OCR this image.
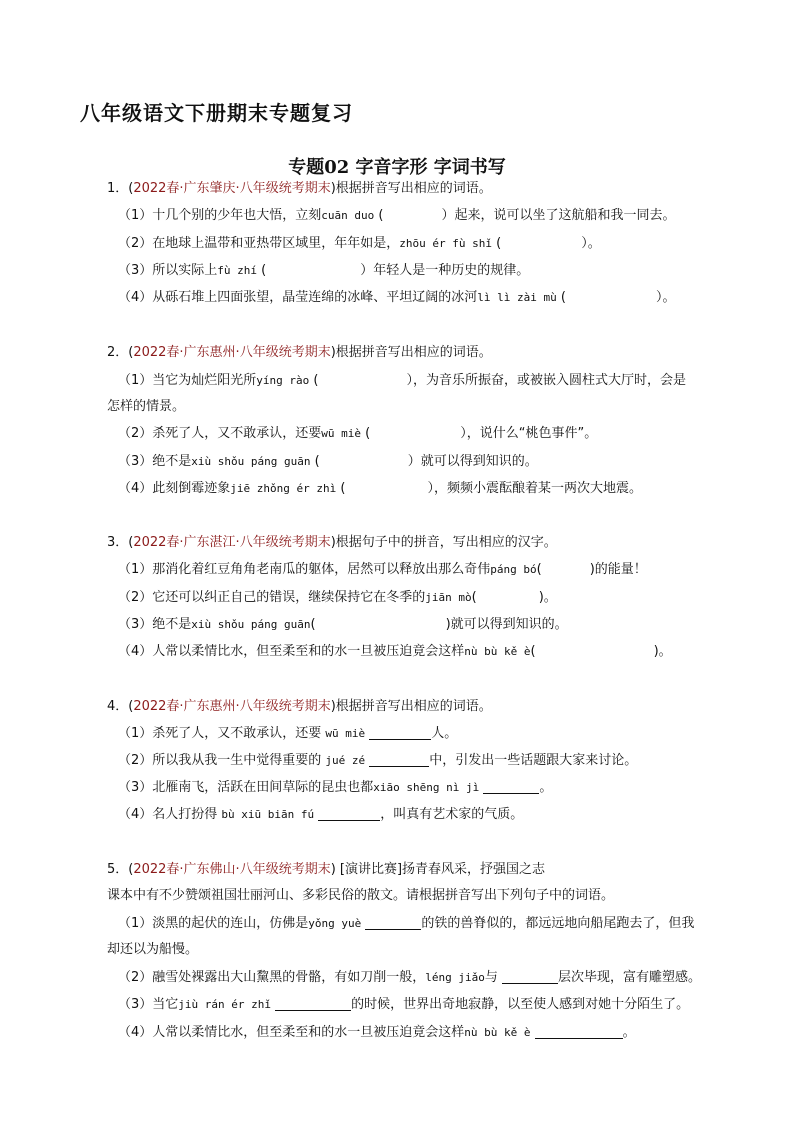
八年级语文下册期末专题复习
专题02 字音字形 字词书写
1．(2022春·广东肇庆·八年级统考期末)根据拼音写出相应的词语。
（1）十几个别的少年也大悟，立刻cuān duo (	）起来，说可以坐了这航船和我一同去。
（2）在地球上温带和亚热带区域里，年年如是，zhōu ér fù shǐ (	）。
（3）所以实际上fù zhí (	）年轻人是一种历史的规律。
（4）从砾石堆上四面张望，晶莹连绵的冰峰、平坦辽阔的冰河lì lì zài mù (	）。
2．(2022春·广东惠州·八年级统考期末)根据拼音写出相应的词语。
（1）当它为灿烂阳光所yíng rào (	），为音乐所振奋，或被嵌入圆柱式大厅时，会是
怎样的情景。
（2）杀死了人，又不敢承认，还要wū miè (	），说什么“桃色事件”。
（3）绝不是xiù shǒu páng guān (	）就可以得到知识的。
（4）此刻倒霉迹象jiē zhǒng ér zhì (	），频频小震酝酿着某一两次大地震。
3．(2022春·广东湛江·八年级统考期末)根据句子中的拼音，写出相应的汉字。
（1）那消化着红豆角角老南瓜的躯体，居然可以释放出那么奇伟páng bó(	)的能量！
（2）它还可以纠正自己的错误，继续保持它在冬季的jiān mò(	)。
（3）绝不是xiù shǒu páng guān(	)就可以得到知识的。
（4）人常以柔情比水，但至柔至和的水一旦被压迫竟会这样nù bù kě è(	)。
4．(2022春·广东惠州·八年级统考期末)根据拼音写出相应的词语。
（1）杀死了人，又不敢承认，还要 wū miè	人。
（2）所以我从我一生中觉得重要的 jué zé	中，引发出一些话题跟大家来讨论。
（3）北雁南飞，活跃在田间草际的昆虫也都xiāo shēng nì jì	。
（4）名人打扮得 bù xiū biān fú	，叫真有艺术家的气质。
5．(2022春·广东佛山·八年级统考期末) [演讲比赛]扬青春风采，抒强国之志
课本中有不少赞颂祖国壮丽河山、多彩民俗的散文。请根据拼音写出下列句子中的词语。
（1）淡黑的起伏的连山，仿佛是yǒng yuè	的铁的兽脊似的，都远远地向船尾跑去了，但我
却还以为船慢。
（2）融雪处裸露出大山黧黑的骨骼，有如刀削一般，léng jiǎo与	层次毕现，富有雕塑感。
（3）当它jiù rán ér zhǐ	的时候，世界出奇地寂静，以至使人感到对她十分陌生了。
（4）人常以柔情比水，但至柔至和的水一旦被压迫竟会这样nù bù kě è	。
